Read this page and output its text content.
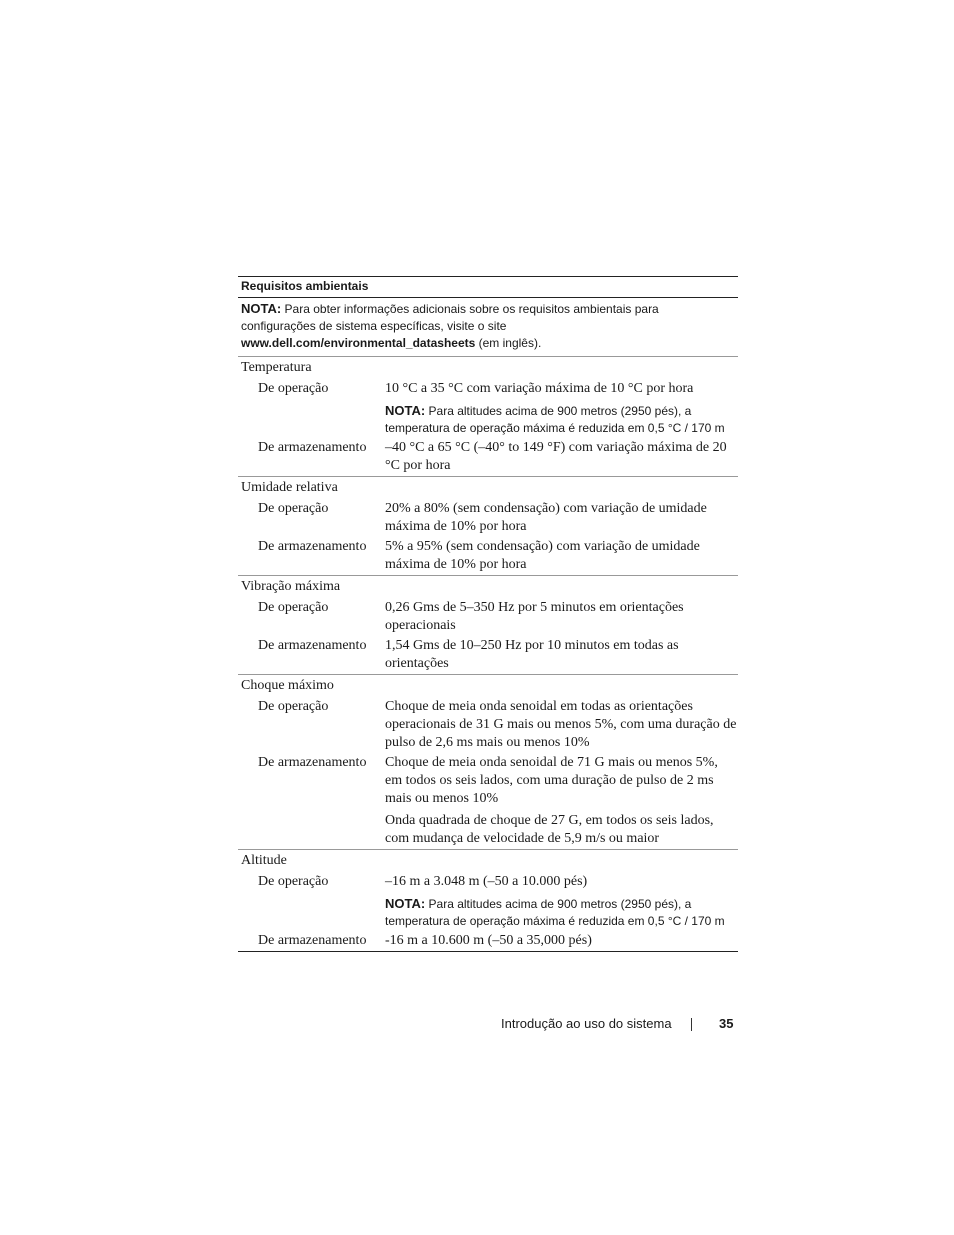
Requisitos ambientais
NOTA: Para obter informações adicionais sobre os requisitos ambientais para configurações de sistema específicas, visite o site www.dell.com/environmental_datasheets (em inglês).
Temperatura
De operação	10 °C a 35 °C com variação máxima de 10 °C por hora
NOTA: Para altitudes acima de 900 metros (2950 pés), a temperatura de operação máxima é reduzida em 0,5 °C / 170 m
De armazenamento	–40 °C a 65 °C (–40° to 149 °F) com variação máxima de 20 °C por hora
Umidade relativa
De operação	20% a 80% (sem condensação) com variação de umidade máxima de 10% por hora
De armazenamento	5% a 95% (sem condensação) com variação de umidade máxima de 10% por hora
Vibração máxima
De operação	0,26 Gms de 5–350 Hz por 5 minutos em orientações operacionais
De armazenamento	1,54 Gms de 10–250 Hz por 10 minutos em todas as orientações
Choque máximo
De operação	Choque de meia onda senoidal em todas as orientações operacionais de 31 G mais ou menos 5%, com uma duração de pulso de 2,6 ms mais ou menos 10%
De armazenamento	Choque de meia onda senoidal de 71 G mais ou menos 5%, em todos os seis lados, com uma duração de pulso de 2 ms mais ou menos 10%
Onda quadrada de choque de 27 G, em todos os seis lados, com mudança de velocidade de 5,9 m/s ou maior
Altitude
De operação	–16 m a 3.048 m (–50 a 10.000 pés)
NOTA: Para altitudes acima de 900 metros (2950 pés), a temperatura de operação máxima é reduzida em 0,5 °C / 170 m
De armazenamento	-16 m a 10.600 m (–50 a 35,000 pés)
Introdução ao uso do sistema	35
